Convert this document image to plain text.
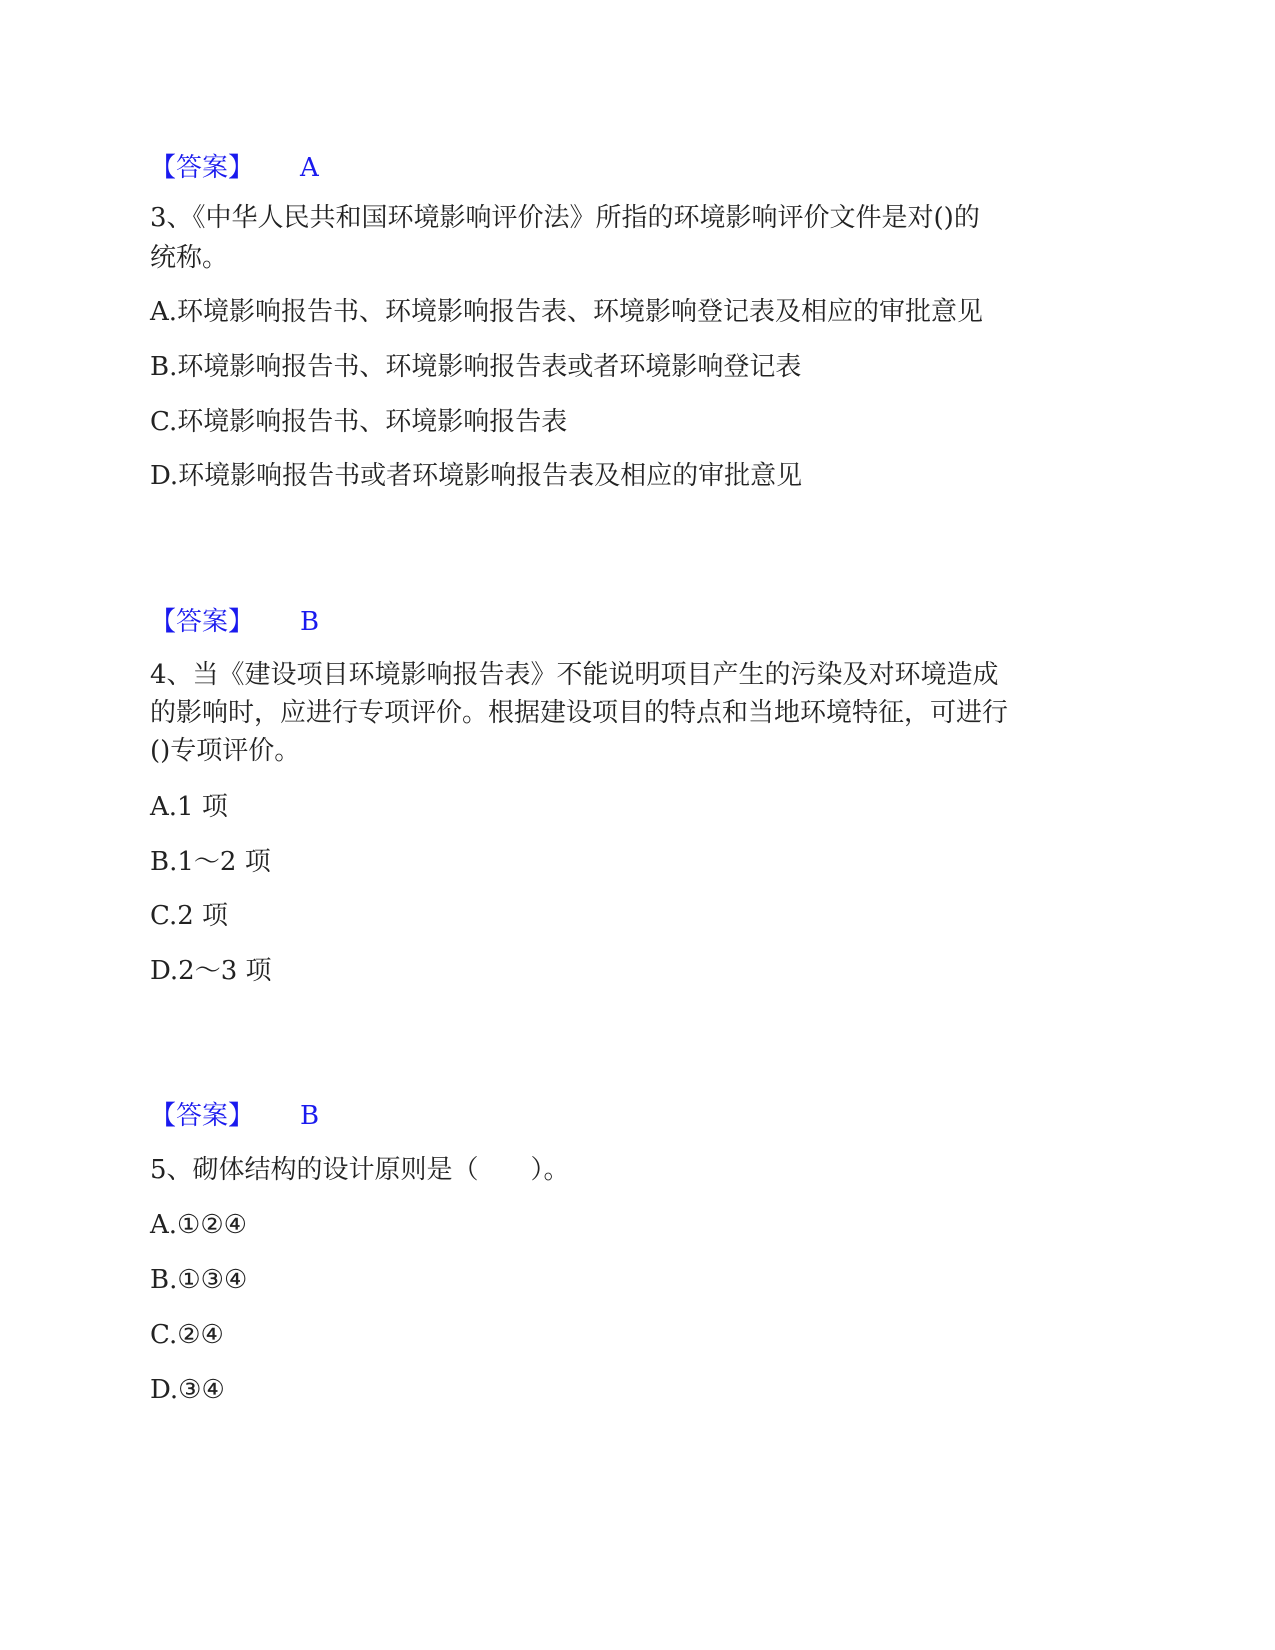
【答案】 A
3、《中华人民共和国环境影响评价法》所指的环境影响评价文件是对()的
统称。
A.环境影响报告书、环境影响报告表、环境影响登记表及相应的审批意见
B.环境影响报告书、环境影响报告表或者环境影响登记表
C.环境影响报告书、环境影响报告表
D.环境影响报告书或者环境影响报告表及相应的审批意见
【答案】 B
4、当《建设项目环境影响报告表》不能说明项目产生的污染及对环境造成
的影响时，应进行专项评价。根据建设项目的特点和当地环境特征，可进行
()专项评价。
A.1 项
B.1～2 项
C.2 项
D.2～3 项
【答案】 B
5、砌体结构的设计原则是（　　）。
A.①②④
B.①③④
C.②④
D.③④
